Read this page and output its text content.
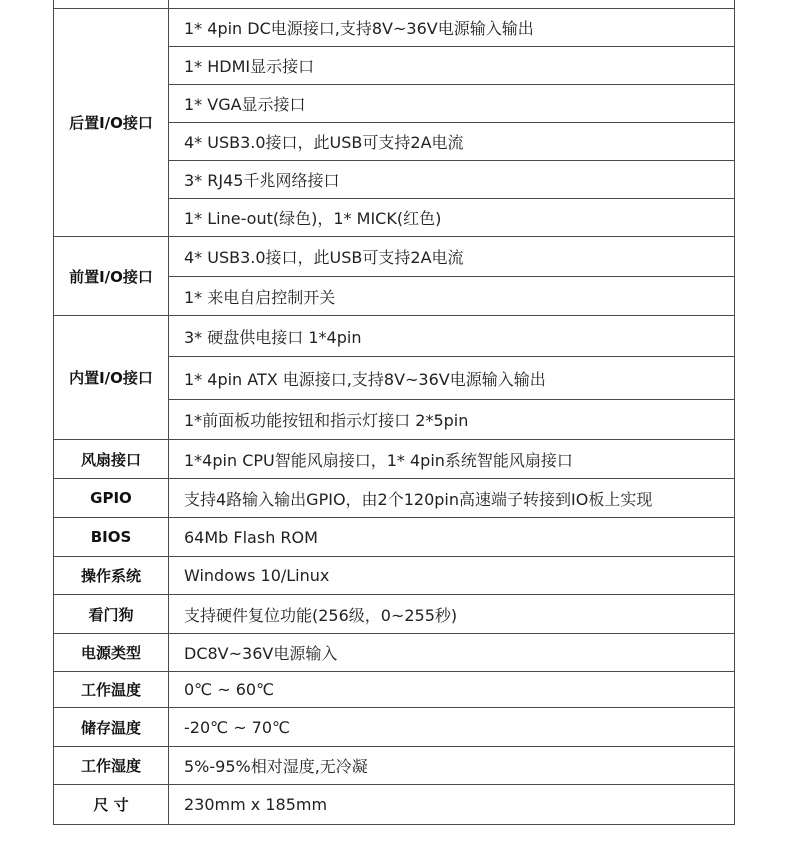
后置I/O接口	1* 4pin DC电源接口,支持8V~36V电源输入输出
	1* HDMI显示接口
	1* VGA显示接口
	4* USB3.0接口，此USB可支持2A电流
	3* RJ45千兆网络接口
	1* Line-out(绿色)，1* MICK(红色)
前置I/O接口	4* USB3.0接口，此USB可支持2A电流
	1* 来电自启控制开关
内置I/O接口	3* 硬盘供电接口 1*4pin
	1* 4pin ATX 电源接口,支持8V~36V电源输入输出
	1*前面板功能按钮和指示灯接口 2*5pin
风扇接口	1*4pin CPU智能风扇接口，1* 4pin系统智能风扇接口
GPIO	支持4路输入输出GPIO，由2个120pin高速端子转接到IO板上实现
BIOS	64Mb Flash ROM
操作系统	Windows 10/Linux
看门狗	支持硬件复位功能(256级，0~255秒)
电源类型	DC8V~36V电源输入
工作温度	0℃ ~ 60℃
储存温度	-20℃ ~ 70℃
工作湿度	5%-95%相对湿度,无冷凝
尺 寸	230mm x 185mm
